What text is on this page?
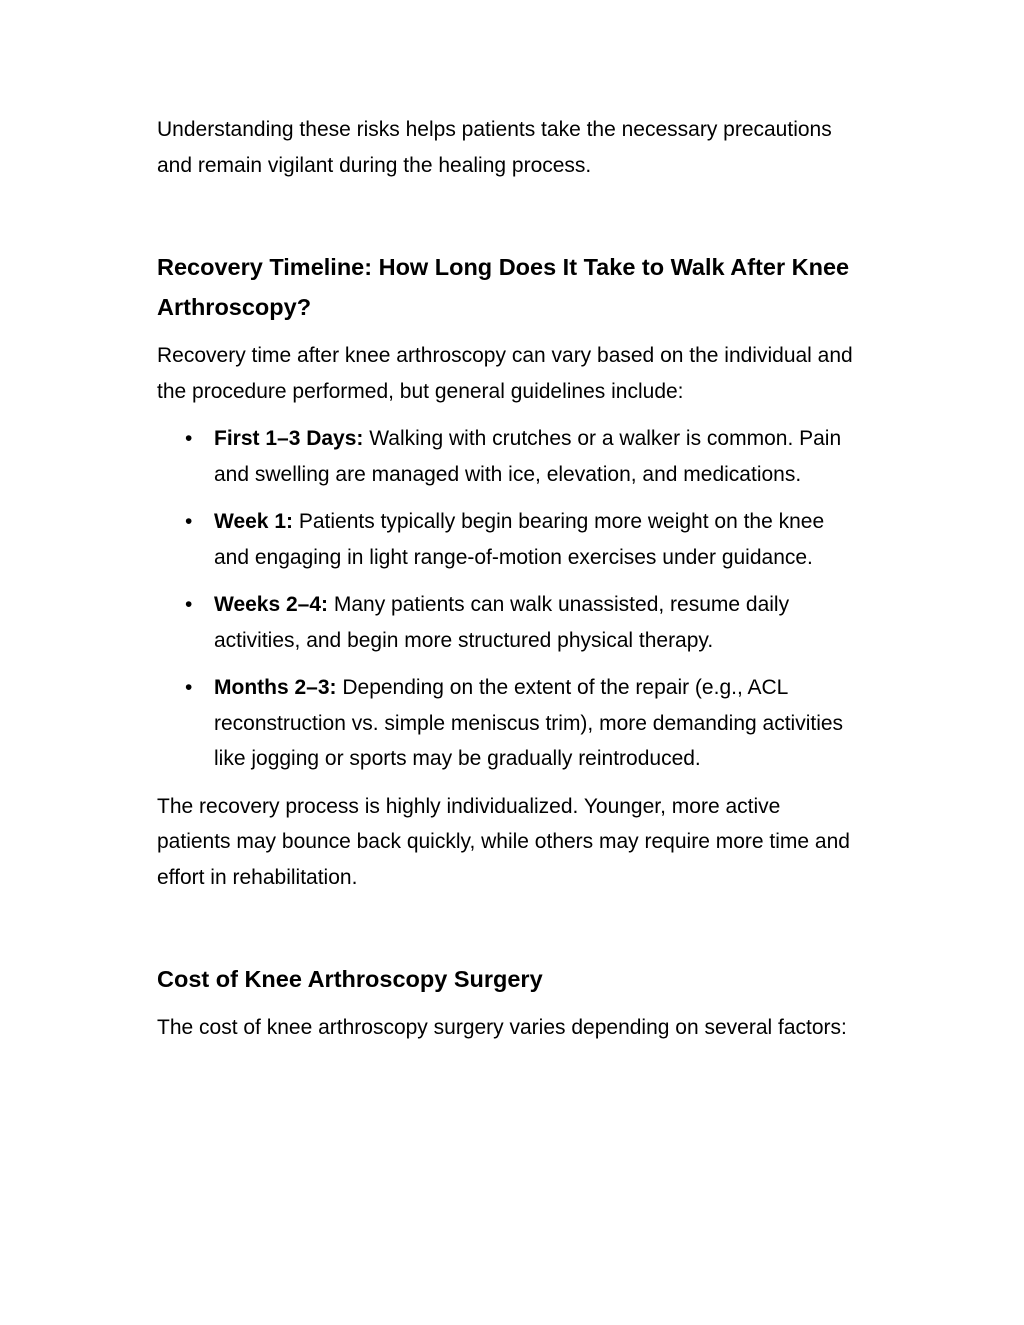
Understanding these risks helps patients take the necessary precautions and remain vigilant during the healing process.

Recovery Timeline: How Long Does It Take to Walk After Knee Arthroscopy?

Recovery time after knee arthroscopy can vary based on the individual and the procedure performed, but general guidelines include:

• First 1–3 Days: Walking with crutches or a walker is common. Pain and swelling are managed with ice, elevation, and medications.
• Week 1: Patients typically begin bearing more weight on the knee and engaging in light range-of-motion exercises under guidance.
• Weeks 2–4: Many patients can walk unassisted, resume daily activities, and begin more structured physical therapy.
• Months 2–3: Depending on the extent of the repair (e.g., ACL reconstruction vs. simple meniscus trim), more demanding activities like jogging or sports may be gradually reintroduced.

The recovery process is highly individualized. Younger, more active patients may bounce back quickly, while others may require more time and effort in rehabilitation.

Cost of Knee Arthroscopy Surgery

The cost of knee arthroscopy surgery varies depending on several factors:
